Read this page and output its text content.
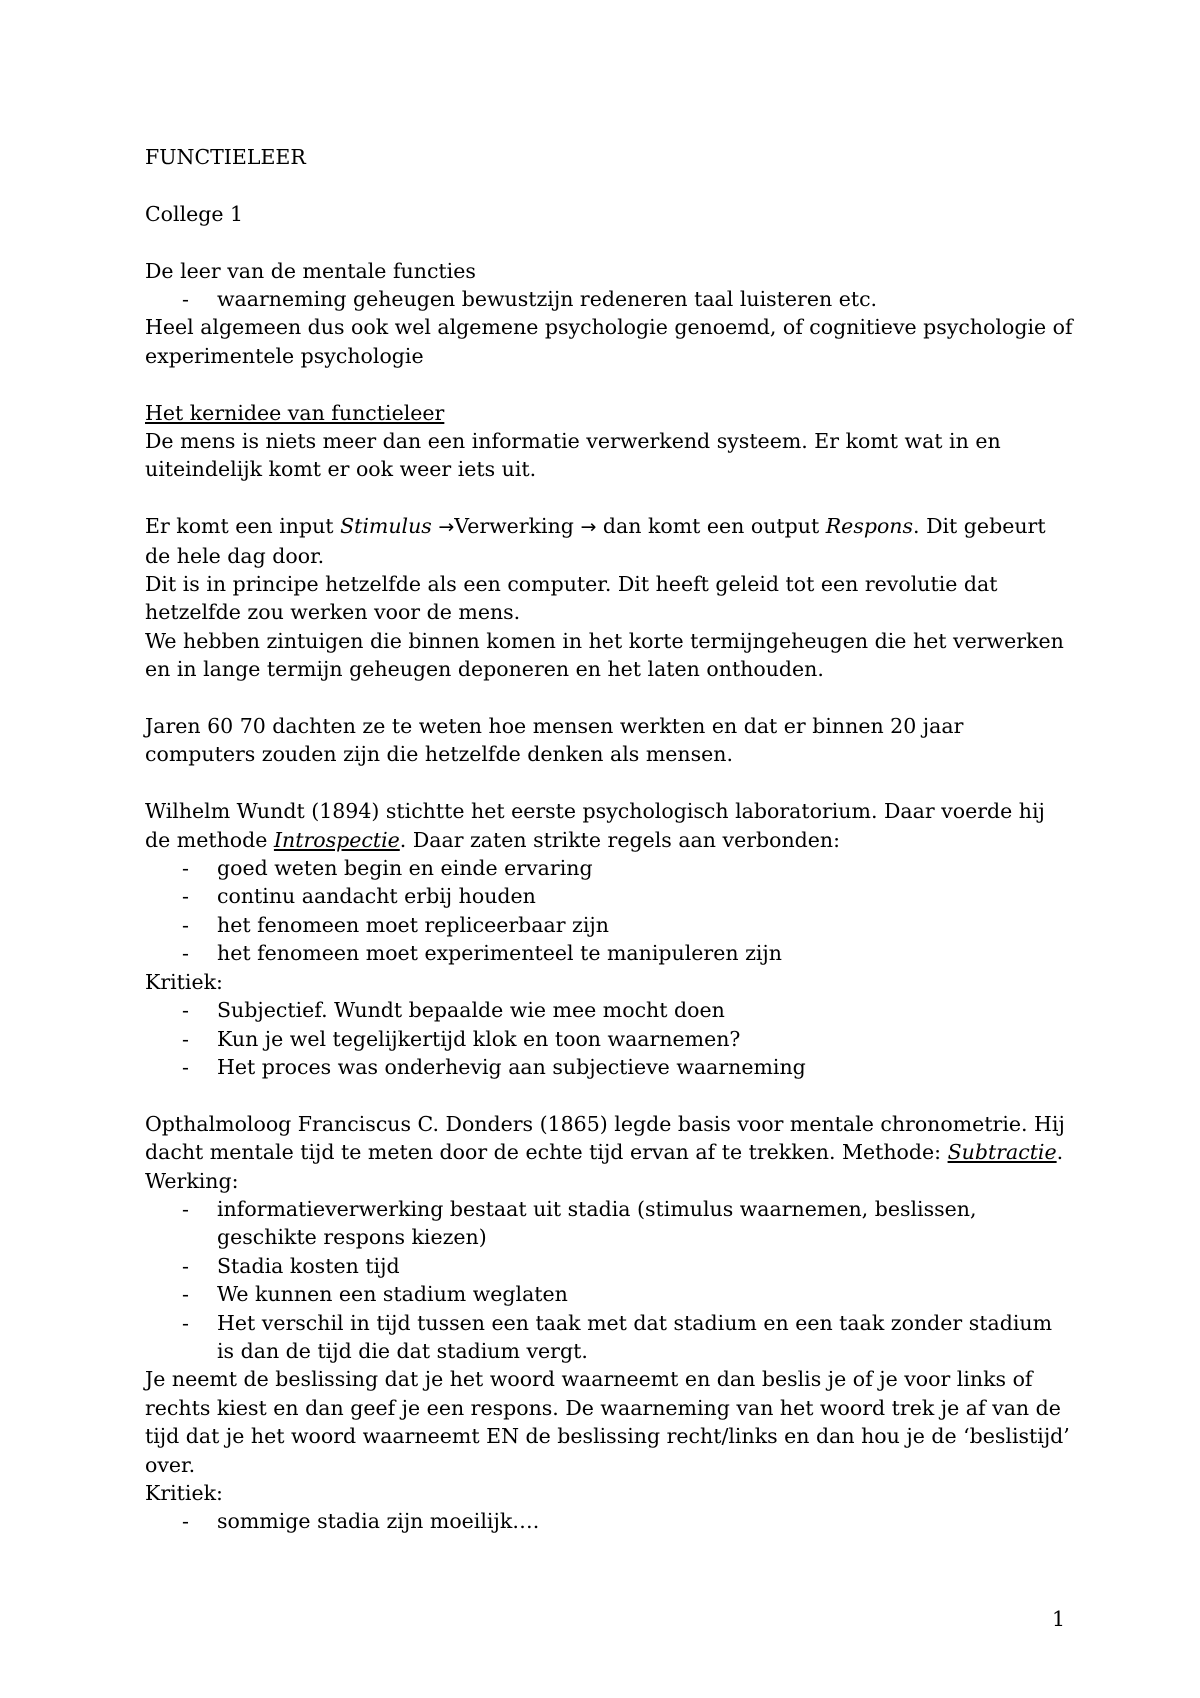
FUNCTIELEER

College 1

De leer van de mentale functies

- waarneming geheugen bewustzijn redeneren taal luisteren etc.

Heel algemeen dus ook wel algemene psychologie genoemd, of cognitieve psychologie of experimentele psychologie

Het kernidee van functieleer

De mens is niets meer dan een informatie verwerkend systeem. Er komt wat in en uiteindelijk komt er ook weer iets uit.

Er komt een input Stimulus →Verwerking → dan komt een output Respons. Dit gebeurt de hele dag door.

Dit is in principe hetzelfde als een computer. Dit heeft geleid tot een revolutie dat hetzelfde zou werken voor de mens.

We hebben zintuigen die binnen komen in het korte termijngeheugen die het verwerken en in lange termijn geheugen deponeren en het laten onthouden.

Jaren 60 70 dachten ze te weten hoe mensen werkten en dat er binnen 20 jaar computers zouden zijn die hetzelfde denken als mensen.

Wilhelm Wundt (1894) stichtte het eerste psychologisch laboratorium. Daar voerde hij de methode Introspectie. Daar zaten strikte regels aan verbonden:

- goed weten begin en einde ervaring
- continu aandacht erbij houden
- het fenomeen moet repliceerbaar zijn
- het fenomeen moet experimenteel te manipuleren zijn

Kritiek:

- Subjectief. Wundt bepaalde wie mee mocht doen
- Kun je wel tegelijkertijd klok en toon waarnemen?
- Het proces was onderhevig aan subjectieve waarneming

Opthalmoloog Franciscus C. Donders (1865) legde basis voor mentale chronometrie. Hij dacht mentale tijd te meten door de echte tijd ervan af te trekken. Methode: Subtractie.

Werking:

- informatieverwerking bestaat uit stadia (stimulus waarnemen, beslissen, geschikte respons kiezen)
- Stadia kosten tijd
- We kunnen een stadium weglaten
- Het verschil in tijd tussen een taak met dat stadium en een taak zonder stadium is dan de tijd die dat stadium vergt.

Je neemt de beslissing dat je het woord waarneemt en dan beslis je of je voor links of rechts kiest en dan geef je een respons. De waarneming van het woord trek je af van de tijd dat je het woord waarneemt EN de beslissing recht/links en dan hou je de ‘beslistijd’ over.

Kritiek:

- sommige stadia zijn moeilijk….
1
